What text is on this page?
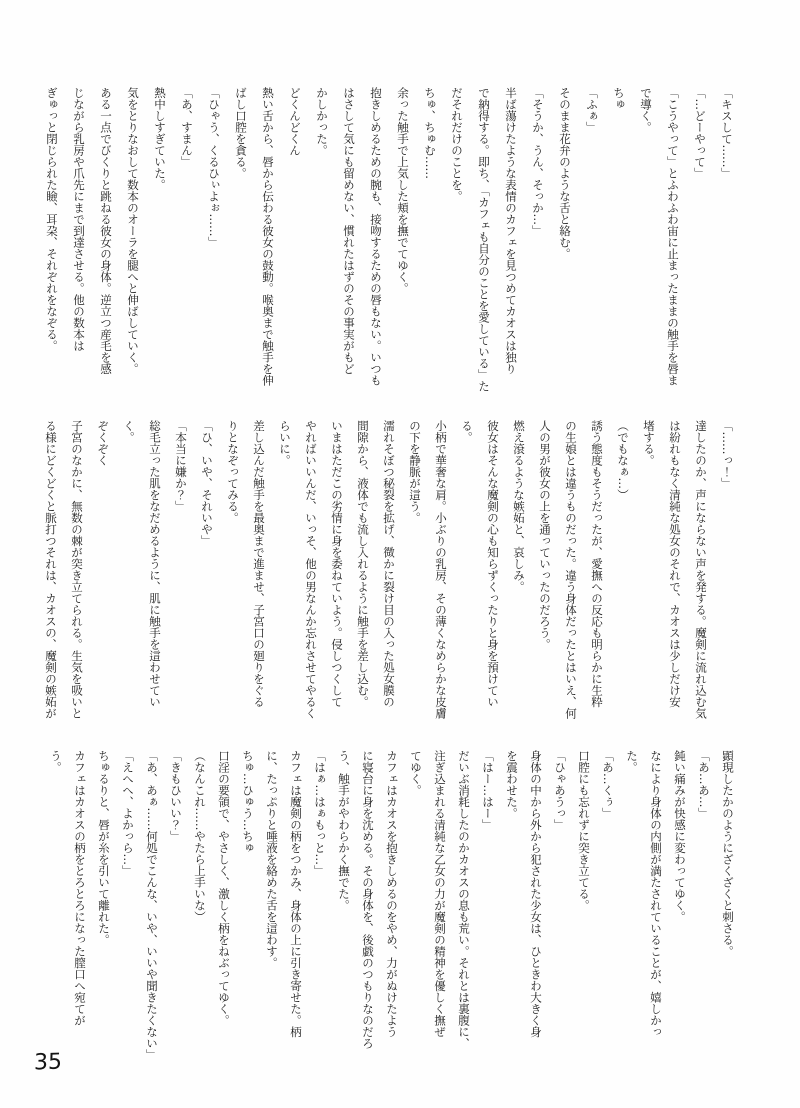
「キスして……」

「…どーやって」

「こうやって」とふわふわ宙に止まったままの触手を唇ま

で導く。

ちゅ

「ふぁ」

そのまま花弁のような舌と絡む。

「そうか、うん、そっか…」

半ば蕩けたような表情のカフェを見つめてカオスは独り

で納得する。即ち、「カフェも自分のことを愛している」た

だそれだけのことを。

ちゅ、ちゅむ……

余った触手で上気した頬を撫でてゆく。

抱きしめるための腕も、接吻するための唇もない。いつも

はさして気にも留めない、慣れたはずのその事実がもど

かしかった。

どくんどくん

熱い舌から、唇から伝わる彼女の鼓動。喉奥まで触手を伸

ばし口腔を貪る。

「ひゃう、くるひぃよぉ……」

「あ、すまん」

熱中しすぎていた。

気をとりなおして数本のオーラを腿へと伸ばしていく。

ある一点でびくりと跳ねる彼女の身体。逆立つ産毛を感

じながら乳房や爪先にまで到達させる。他の数本は

ぎゅっと閉じられた瞼、耳朶、それぞれをなぞる。

「……っ！」

達したのか、声にならない声を発する。魔剣に流れ込む気

は紛れもなく清純な処女のそれで、カオスは少しだけ安

堵する。

（でもなぁ…）

誘う態度もそうだったが、愛撫への反応も明らかに生粋

の生娘とは違うものだった。違う身体だったとはいえ、何

人の男が彼女の上を通っていったのだろう。

燃え滾るような嫉妬と、哀しみ。

彼女はそんな魔剣の心も知らずくったりと身を預けてい

る。

小柄で華奢な肩。小ぶりの乳房、その薄くなめらかな皮膚

の下を静脈が這う。

濡れそぼつ秘裂を拡げ、微かに裂け目の入った処女膜の

間隙から、液体でも流し入れるように触手を差し込む。

いまはただこの劣情に身を委ねていよう。侵しつくして

やればいいんだ、いっそ、他の男なんか忘れさせてやるく

らいに。

差し込んだ触手を最奥まで進ませ、子宮口の廻りをぐる

りとなぞってみる。

「ひ、いや、それいや」

「本当に嫌か？」

総毛立った肌をなだめるように、肌に触手を這わせてい

く。

ぞくぞく

子宮のなかに、無数の棘が突き立てられる。生気を吸いと

る様にどくどくと脈打つそれは、カオスの、魔剣の嫉妬が

顕現したかのようにざくざくと刺さる。

「あ…あ…」

鈍い痛みが快感に変わってゆく。

なにより身体の内側が満たされていることが、嬉しかっ

た。

「あ…くぅ」

口腔にも忘れずに突き立てる。

「ひゃあうっ」

身体の中から外から犯された少女は、ひときわ大きく身

を震わせた。

「はー…はー」

だいぶ消耗したのかカオスの息も荒い。それとは裏腹に、

注ぎ込まれる清純な乙女の力が魔剣の精神を優しく撫ぜ

てゆく。

カフェはカオスを抱きしめるのをやめ、力がぬけたよう

に寝台に身を沈める。その身体を、後戯のつもりなのだろ

う、触手がやわらかく撫でた。

「はぁ…はぁもっと…」

カフェは魔剣の柄をつかみ、身体の上に引き寄せた。柄

に、たっぷりと唾液を絡めた舌を這わす。

ちゅ…ひゅう…ちゅ

口淫の要領で、やさしく、激しく柄をねぶってゆく。

（なんこれ……やたら上手いな）

「きもひいい？」

「あ、あぁ……何処でこんな、いや、いいや聞きたくない」

「えへへ、よかっら…」

ちゅるりと、唇が糸を引いて離れた。

カフェはカオスの柄をとろとろになった膣口へ宛てが

う。

35
